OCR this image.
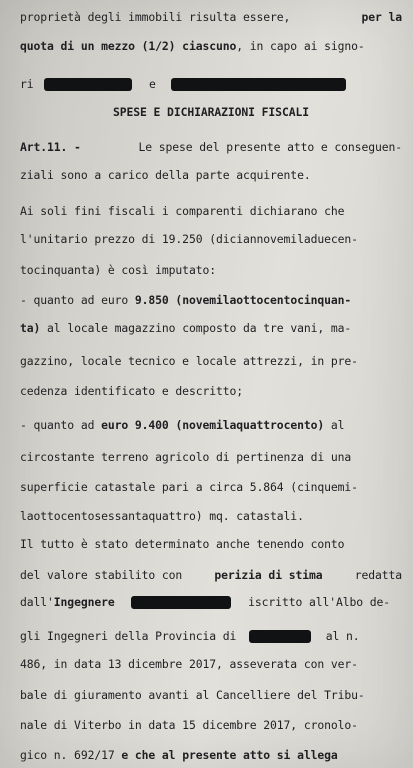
proprietà degli immobili risulta essere,	per la
quota di un mezzo (1/2) ciascuno, in capo ai signo-
ri	e
SPESE E DICHIARAZIONI FISCALI
Art.11. -	Le spese del presente atto e conseguen-
ziali sono a carico della parte acquirente.
Ai soli fini fiscali i comparenti dichiarano che
l'unitario prezzo di 19.250 (diciannovemiladuecen-
tocinquanta) è così imputato:
- quanto ad euro 9.850 (novemilaottocentocinquan-
ta) al locale magazzino composto da tre vani, ma-
gazzino, locale tecnico e locale attrezzi, in pre-
cedenza identificato e descritto;
- quanto ad euro 9.400 (novemilaquattrocento) al
circostante terreno agricolo di pertinenza di una
superficie catastale pari a circa 5.864 (cinquemi-
laottocentosessantaquattro) mq. catastali.
Il tutto è stato determinato anche tenendo conto
del valore stabilito con	perizia di stima	redatta
dall'Ingegnere	iscritto all'Albo de-
gli Ingegneri della Provincia di	al n.
486, in data 13 dicembre 2017, asseverata con ver-
bale di giuramento avanti al Cancelliere del Tribu-
nale di Viterbo in data 15 dicembre 2017, cronolo-
gico n. 692/17 e che al presente atto si allega
